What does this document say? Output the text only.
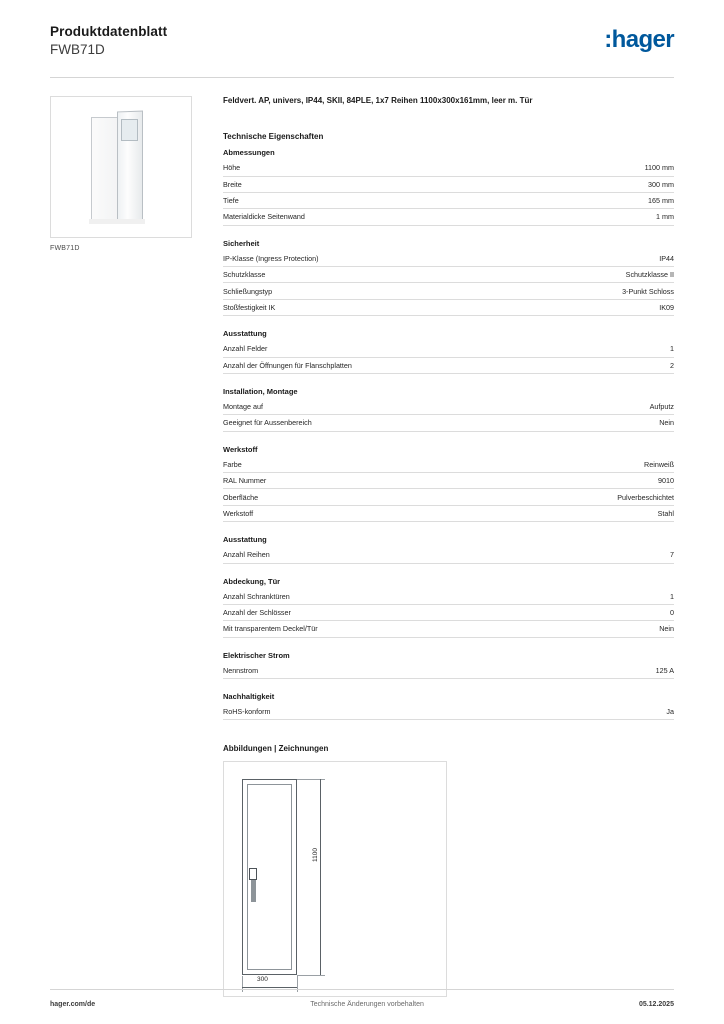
Produktdatenblatt
FWB71D	:hager
FWB71D
Feldvert. AP, univers, IP44, SKII, 84PLE, 1x7 Reihen 1100x300x161mm, leer m. Tür
Technische Eigenschaften
Abmessungen
Höhe	1100 mm
Breite	300 mm
Tiefe	165 mm
Materialdicke Seitenwand	1 mm
Sicherheit
IP-Klasse (Ingress Protection)	IP44
Schutzklasse	Schutzklasse II
Schließungstyp	3-Punkt Schloss
Stoßfestigkeit IK	IK09
Ausstattung
Anzahl Felder	1
Anzahl der Öffnungen für Flanschplatten	2
Installation, Montage
Montage auf	Aufputz
Geeignet für Aussenbereich	Nein
Werkstoff
Farbe	Reinweiß
RAL Nummer	9010
Oberfläche	Pulverbeschichtet
Werkstoff	Stahl
Ausstattung
Anzahl Reihen	7
Abdeckung, Tür
Anzahl Schranktüren	1
Anzahl der Schlösser	0
Mit transparentem Deckel/Tür	Nein
Elektrischer Strom
Nennstrom	125 A
Nachhaltigkeit
RoHS-konform	Ja
Abbildungen | Zeichnungen
1100
300
hager.com/de	Technische Änderungen vorbehalten	05.12.2025
